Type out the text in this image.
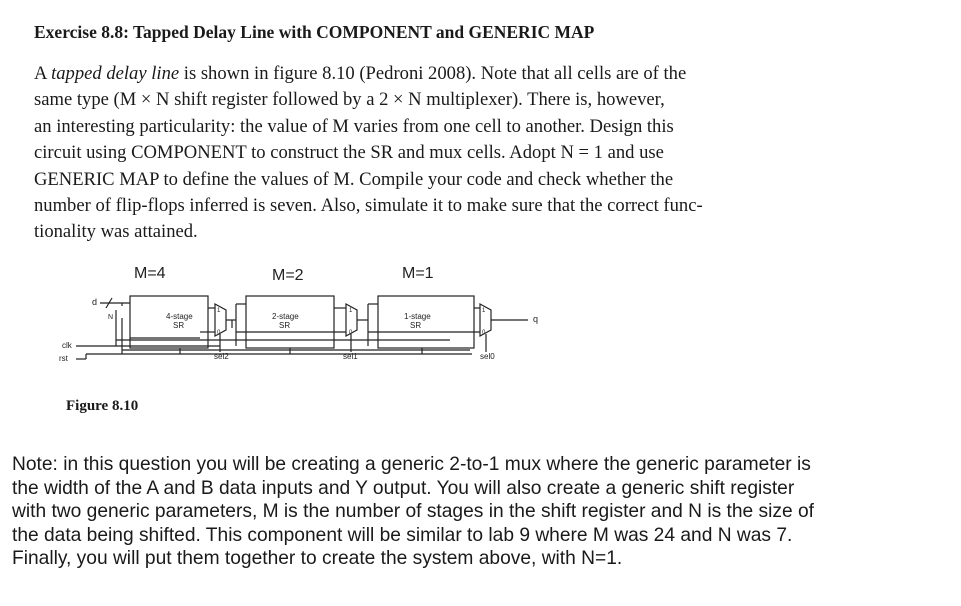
Exercise 8.8: Tapped Delay Line with COMPONENT and GENERIC MAP
A tapped delay line is shown in figure 8.10 (Pedroni 2008). Note that all cells are of the
same type (M × N shift register followed by a 2 × N multiplexer). There is, however,
an interesting particularity: the value of M varies from one cell to another. Design this
circuit using COMPONENT to construct the SR and mux cells. Adopt N = 1 and use
GENERIC MAP to define the values of M. Compile your code and check whether the
number of flip-flops inferred is seven. Also, simulate it to make sure that the correct func-
tionality was attained.
M=4	M=2	M=1
d
N
clk
rst
q
4-stage
SR
2-stage
SR
1-stage
SR
1
0
1
0
1
0
sel2	sel1	sel0
Figure 8.10
Note: in this question you will be creating a generic 2-to-1 mux where the generic parameter is
the width of the A and B data inputs and Y output. You will also create a generic shift register
with two generic parameters, M is the number of stages in the shift register and N is the size of
the data being shifted. This component will be similar to lab 9 where M was 24 and N was 7.
Finally, you will put them together to create the system above, with N=1.
